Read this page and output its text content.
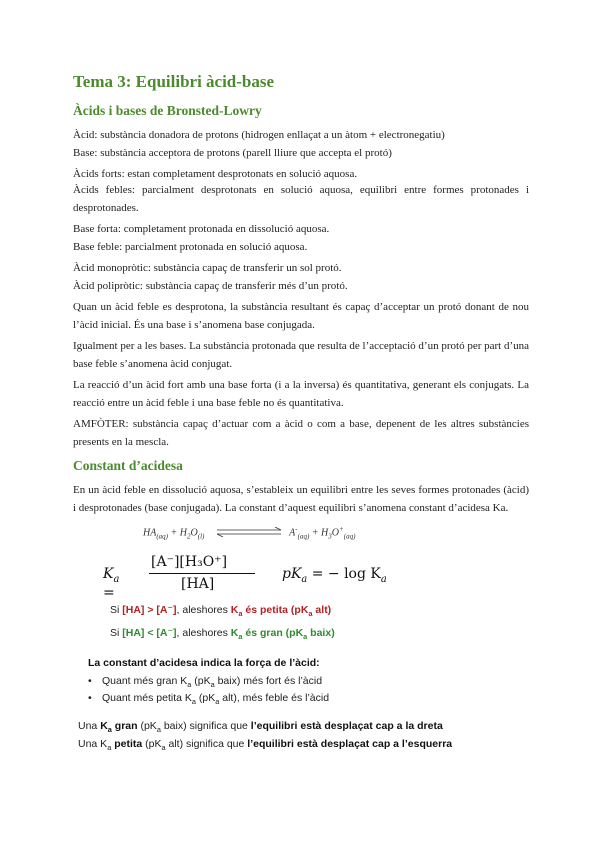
Tema 3: Equilibri àcid-base
Àcids i bases de Bronsted-Lowry
Àcid: substància donadora de protons (hidrogen enllaçat a un àtom + electronegatiu)
Base: substància acceptora de protons (parell lliure que accepta el protó)
Àcids forts: estan completament desprotonats en solució aquosa.
Àcids febles: parcialment desprotonats en solució aquosa, equilibri entre formes protonades i desprotonades.
Base forta: completament protonada en dissolució aquosa.
Base feble: parcialment protonada en solució aquosa.
Àcid monopròtic: substància capaç de transferir un sol protó.
Àcid polipròtic: substància capaç de transferir més d’un protó.
Quan un àcid feble es desprotona, la substància resultant és capaç d’acceptar un protó donant de nou l’àcid inicial. És una base i s’anomena base conjugada.
Igualment per a les bases. La substància protonada que resulta de l’acceptació d’un protó per part d’una base feble s’anomena àcid conjugat.
La reacció d’un àcid fort amb una base forta (i a la inversa) és quantitativa, generant els conjugats. La reacció entre un àcid feble i una base feble no és quantitativa.
AMFÒTER: substància capaç d’actuar com a àcid o com a base, depenent de les altres substàncies presents en la mescla.
Constant d’acidesa
En un àcid feble en dissolució aquosa, s’estableix un equilibri entre les seves formes protonades (àcid) i desprotonades (base conjugada). La constant d’aquest equilibri s’anomena constant d’acidesa Ka.
$HA_{(aq)} + H_2O_{(l)}$	$A^-_{(aq)} + H_3O^+_{(aq)}$
$K_a$ =
[A⁻][H₃O⁺]
[HA]
$pK_a$ = − $\log K_a$
Si [HA] > [A⁻], aleshores $K_a$ és petita ($pK_a$ alt)
Si [HA] < [A⁻], aleshores $K_a$ és gran ($pK_a$ baix)
La constant d’acidesa indica la força de l’àcid:
• Quant més gran $K_a$ ($pK_a$ baix) més fort és l’àcid
• Quant més petita $K_a$ ($pK_a$ alt), més feble és l’àcid
Una $K_a$ gran ($pK_a$ baix) significa que l’equilibri està desplaçat cap a la dreta
Una $K_a$ petita ($pK_a$ alt) significa que l’equilibri està desplaçat cap a l’esquerra
